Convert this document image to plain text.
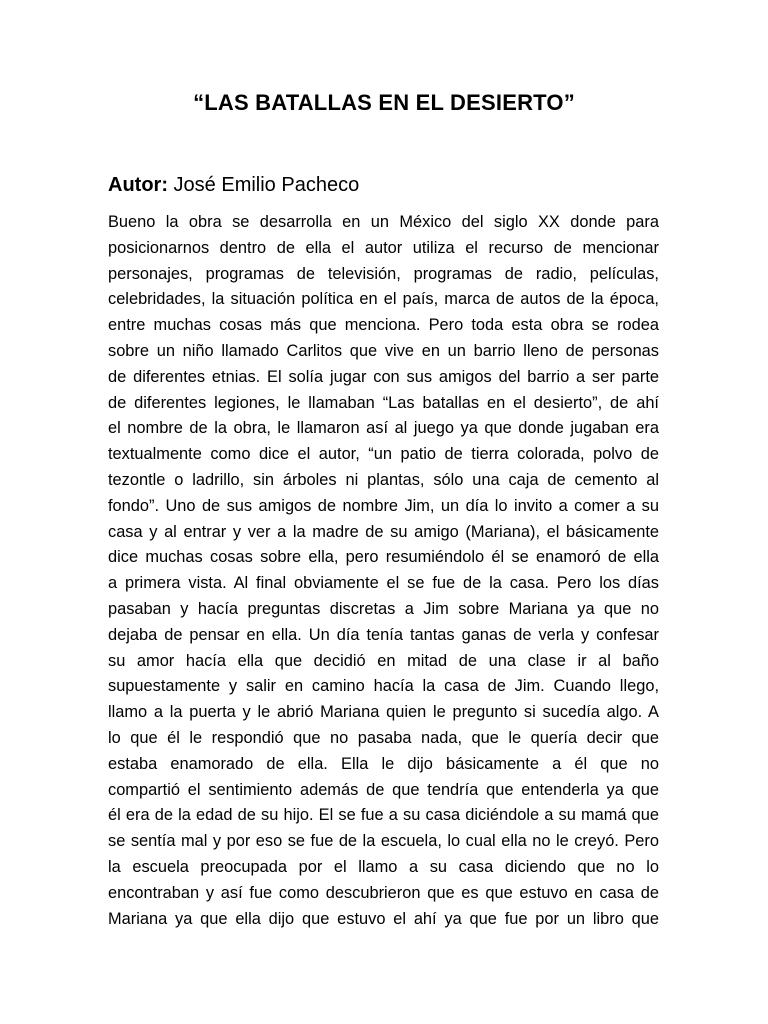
“LAS BATALLAS EN EL DESIERTO”

Autor: José Emilio Pacheco

Bueno la obra se desarrolla en un México del siglo XX donde para
posicionarnos dentro de ella el autor utiliza el recurso de mencionar
personajes, programas de televisión, programas de radio, películas,
celebridades, la situación política en el país, marca de autos de la época,
entre muchas cosas más que menciona. Pero toda esta obra se rodea
sobre un niño llamado Carlitos que vive en un barrio lleno de personas
de diferentes etnias. El solía jugar con sus amigos del barrio a ser parte
de diferentes legiones, le llamaban “Las batallas en el desierto”, de ahí
el nombre de la obra, le llamaron así al juego ya que donde jugaban era
textualmente como dice el autor, “un patio de tierra colorada, polvo de
tezontle o ladrillo, sin árboles ni plantas, sólo una caja de cemento al
fondo”. Uno de sus amigos de nombre Jim, un día lo invito a comer a su
casa y al entrar y ver a la madre de su amigo (Mariana), el básicamente
dice muchas cosas sobre ella, pero resumiéndolo él se enamoró de ella
a primera vista. Al final obviamente el se fue de la casa. Pero los días
pasaban y hacía preguntas discretas a Jim sobre Mariana ya que no
dejaba de pensar en ella. Un día tenía tantas ganas de verla y confesar
su amor hacía ella que decidió en mitad de una clase ir al baño
supuestamente y salir en camino hacía la casa de Jim. Cuando llego,
llamo a la puerta y le abrió Mariana quien le pregunto si sucedía algo. A
lo que él le respondió que no pasaba nada, que le quería decir que
estaba enamorado de ella. Ella le dijo básicamente a él que no
compartió el sentimiento además de que tendría que entenderla ya que
él era de la edad de su hijo. El se fue a su casa diciéndole a su mamá que
se sentía mal y por eso se fue de la escuela, lo cual ella no le creyó. Pero
la escuela preocupada por el llamo a su casa diciendo que no lo
encontraban y así fue como descubrieron que es que estuvo en casa de
Mariana ya que ella dijo que estuvo el ahí ya que fue por un libro que
